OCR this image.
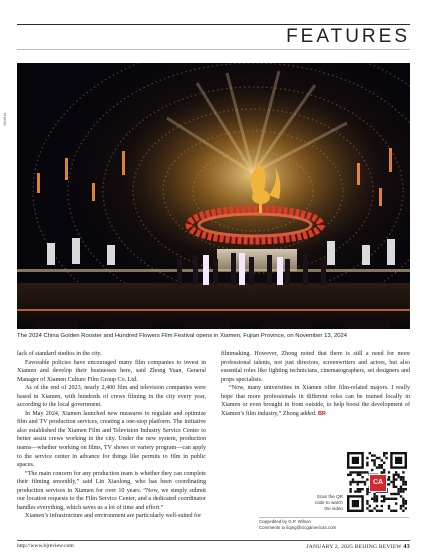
FEATURES
XINHUA
The 2024 China Golden Rooster and Hundred Flowers Film Festival opens in Xiamen, Fujian Province, on November 13, 2024

lack of standard studios in the city.

Favorable policies have encouraged many film companies to invest in Xiamen and develop their businesses here, said Zhong Yuan, General Manager of Xiamen Culture Film Group Co. Ltd.

As of the end of 2023, nearly 2,400 film and television companies were based in Xiamen, with hundreds of crews filming in the city every year, according to the local government.

In May 2024, Xiamen launched new measures to regulate and optimize film and TV production services, creating a one-stop platform. The initiative also established the Xiamen Film and Television Industry Service Center to better assist crews working in the city. Under the new system, production teams—whether working on films, TV shows or variety program—can apply to the service center in advance for things like permits to film in public spaces.

“The main concern for any production team is whether they can complete their filming smoothly,” said Lin Xiaolong, who has been coordinating production services in Xiamen for over 10 years. “Now, we simply submit our location requests to the Film Service Center, and a dedicated coordinator handles everything, which saves us a lot of time and effort.”

Xiamen’s infrastructure and environment are particularly well-suited for

filmmaking. However, Zhong noted that there is still a need for more professional talents, not just directors, screenwriters and actors, but also essential roles like lighting technicians, cinematographers, set designers and props specialists.

“Now, many universities in Xiamen offer film-related majors. I really hope that more professionals in different roles can be trained locally in Xiamen or even brought in from outside, to help boost the development of Xiamen’s film industry,” Zhong added. BR

Scan the QR
code to watch
the video
CA
Copyedited by G.P. Wilson
Comments to liqing@cicgamericas.com
http://www.bjreview.com	JANUARY 2, 2025 BEIJING REVIEW 43
